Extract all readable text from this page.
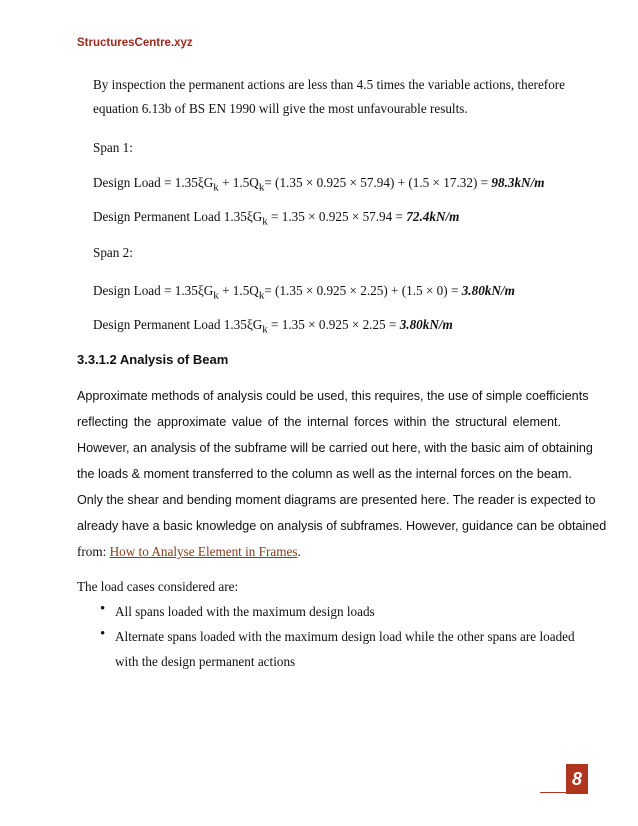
StructuresCentre.xyz
By inspection the permanent actions are less than 4.5 times the variable actions, therefore
equation 6.13b of BS EN 1990 will give the most unfavourable results.
Span 1:
Design Load = $1.35\xi G_k + 1.5Q_k= (1.35 \times 0.925 \times 57.94) + (1.5 \times 17.32) = 98.3kN/m$
Design Permanent Load $1.35\xi G_k = 1.35 \times 0.925 \times 57.94 = 72.4kN/m$
Span 2:
Design Load = $1.35\xi G_k + 1.5Q_k= (1.35 \times 0.925 \times 2.25) + (1.5 \times 0) = 3.80kN/m$
Design Permanent Load $1.35\xi G_k = 1.35 \times 0.925 \times 2.25 = 3.80kN/m$
3.3.1.2 Analysis of Beam
Approximate methods of analysis could be used, this requires, the use of simple coefficients
reflecting the approximate value of the internal forces within the structural element.
However, an analysis of the subframe will be carried out here, with the basic aim of obtaining
the loads & moment transferred to the column as well as the internal forces on the beam.
Only the shear and bending moment diagrams are presented here. The reader is expected to
already have a basic knowledge on analysis of subframes. However, guidance can be obtained
from: How to Analyse Element in Frames.
The load cases considered are:
• All spans loaded with the maximum design loads
• Alternate spans loaded with the maximum design load while the other spans are loaded
with the design permanent actions
8
